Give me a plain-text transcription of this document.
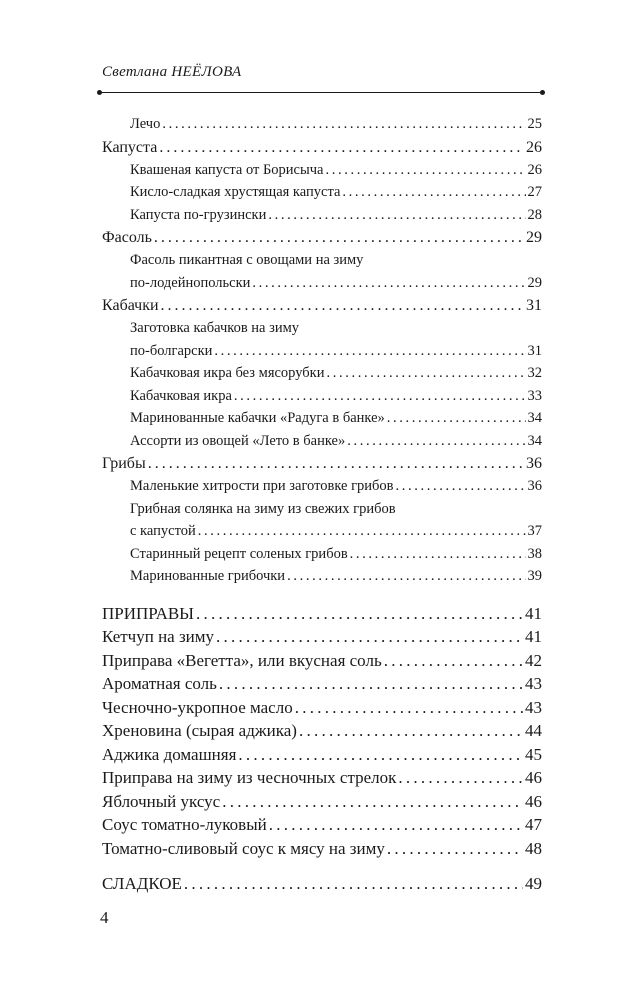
Светлана НЕЁЛОВА
Лечо . . .	25
Капуста . . .	26
Квашеная капуста от Борисыча . . .	26
Кисло-сладкая хрустящая капуста . . .	27
Капуста по-грузински . . .	28
Фасоль . . .	29
Фасоль пикантная с овощами на зиму
по-лодейнопольски . . .	29
Кабачки . . .	31
Заготовка кабачков на зиму
по-болгарски . . .	31
Кабачковая икра без мясорубки . . .	32
Кабачковая икра . . .	33
Маринованные кабачки «Радуга в банке» . . .	34
Ассорти из овощей «Лето в банке» . . .	34
Грибы . . .	36
Маленькие хитрости при заготовке грибов . . .	36
Грибная солянка на зиму из свежих грибов
с капустой . . .	37
Старинный рецепт соленых грибов . . .	38
Маринованные грибочки . . .	39
ПРИПРАВЫ . . .	41
Кетчуп на зиму . . .	41
Приправа «Вегетта», или вкусная соль . . .	42
Ароматная соль . . .	43
Чесночно-укропное масло . . .	43
Хреновина (сырая аджика) . . .	44
Аджика домашняя . . .	45
Приправа на зиму из чесночных стрелок . . .	46
Яблочный уксус . . .	46
Соус томатно-луковый . . .	47
Томатно-сливовый соус к мясу на зиму . . .	48
СЛАДКОЕ . . .	49
4
